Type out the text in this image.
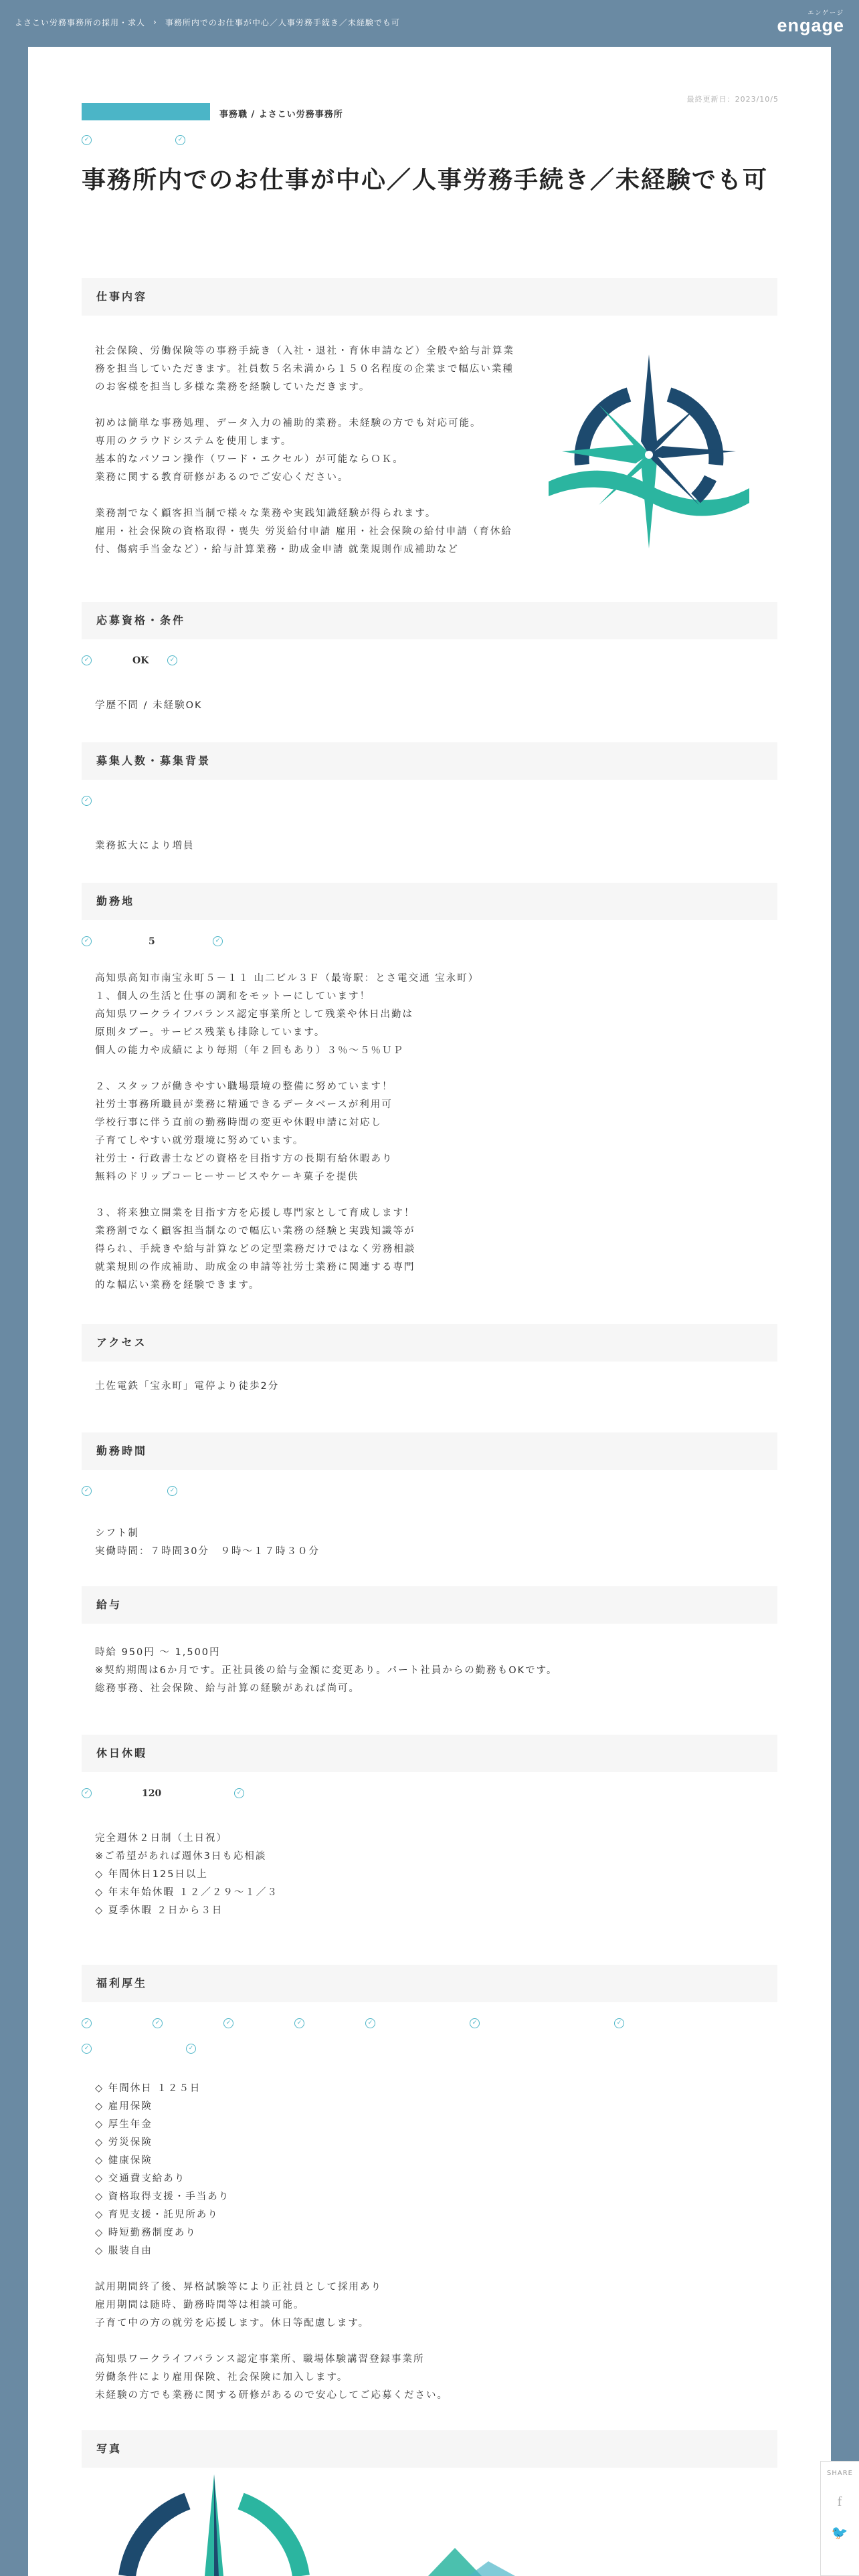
よさこい労務事務所の採用・求人 › 事務所内でのお仕事が中心／人事労務手続き／未経験でも可
エンゲージ
engage
最終更新日：2023/10/5
事務職 / よさこい労務事務所
✓	✓
事務所内でのお仕事が中心／人事労務手続き／未経験でも可
仕事内容
社会保険、労働保険等の事務手続き（入社・退社・育休申請など）全般や給与計算業務を担当していただきます。社員数５名未満から１５０名程度の企業まで幅広い業種のお客様を担当し多様な業務を経験していただきます。

初めは簡単な事務処理、データ入力の補助的業務。未経験の方でも対応可能。
専用のクラウドシステムを使用します。
基本的なパソコン操作（ワード・エクセル）が可能ならＯＫ。
業務に関する教育研修があるのでご安心ください。

業務割でなく顧客担当制で様々な業務や実践知識経験が得られます。
雇用・社会保険の資格取得・喪失 労災給付申請 雇用・社会保険の給付申請（育休給付、傷病手当金など）・給与計算業務・助成金申請 就業規則作成補助など
応募資格・条件
✓	OK	✓
学歴不問 / 未経験OK
募集人数・募集背景
✓
業務拡大により増員
勤務地
✓	5	✓
高知県高知市南宝永町５－１１ 山二ビル３Ｆ（最寄駅：とさ電交通 宝永町）
１、個人の生活と仕事の調和をモットーにしています！
高知県ワークライフバランス認定事業所として残業や休日出勤は
原則タブー。サービス残業も排除しています。
個人の能力や成績により毎期（年２回もあり）３％～５％ＵＰ

２、スタッフが働きやすい職場環境の整備に努めています！
社労士事務所職員が業務に精通できるデータベースが利用可
学校行事に伴う直前の勤務時間の変更や休暇申請に対応し
子育てしやすい就労環境に努めています。
社労士・行政書士などの資格を目指す方の長期有給休暇あり
無料のドリップコーヒーサービスやケーキ菓子を提供

３、将来独立開業を目指す方を応援し専門家として育成します！
業務割でなく顧客担当制なので幅広い業務の経験と実践知識等が
得られ、手続きや給与計算などの定型業務だけではなく労務相談
就業規則の作成補助、助成金の申請等社労士業務に関連する専門
的な幅広い業務を経験できます。
アクセス
土佐電鉄「宝永町」電停より徒歩2分
勤務時間
✓	✓
シフト制
実働時間：７時間30分　９時〜１７時３０分
給与
時給 950円 〜 1,500円
※契約期間は6か月です。正社員後の給与金額に変更あり。パート社員からの勤務もOKです。
総務事務、社会保険、給与計算の経験があれば尚可。
休日休暇
✓	120	✓
完全週休２日制（土日祝）
※ご希望があれば週休3日も応相談
◇ 年間休日125日以上
◇ 年末年始休暇 １２／２９～１／３
◇ 夏季休暇 ２日から３日
福利厚生
✓	✓	✓	✓	✓	✓	✓
✓	✓
◇ 年間休日 １２５日
◇ 雇用保険
◇ 厚生年金
◇ 労災保険
◇ 健康保険
◇ 交通費支給あり
◇ 資格取得支援・手当あり
◇ 育児支援・託児所あり
◇ 時短勤務制度あり
◇ 服装自由

試用期間終了後、昇格試験等により正社員として採用あり
雇用期間は随時、勤務時間等は相談可能。
子育て中の方の就労を応援します。休日等配慮します。

高知県ワークライフバランス認定事業所、職場体験講習登録事業所
労働条件により雇用保険、社会保険に加入します。
未経験の方でも業務に関する研修があるので安心してご応募ください。
写真
SHARE
f
🐦
